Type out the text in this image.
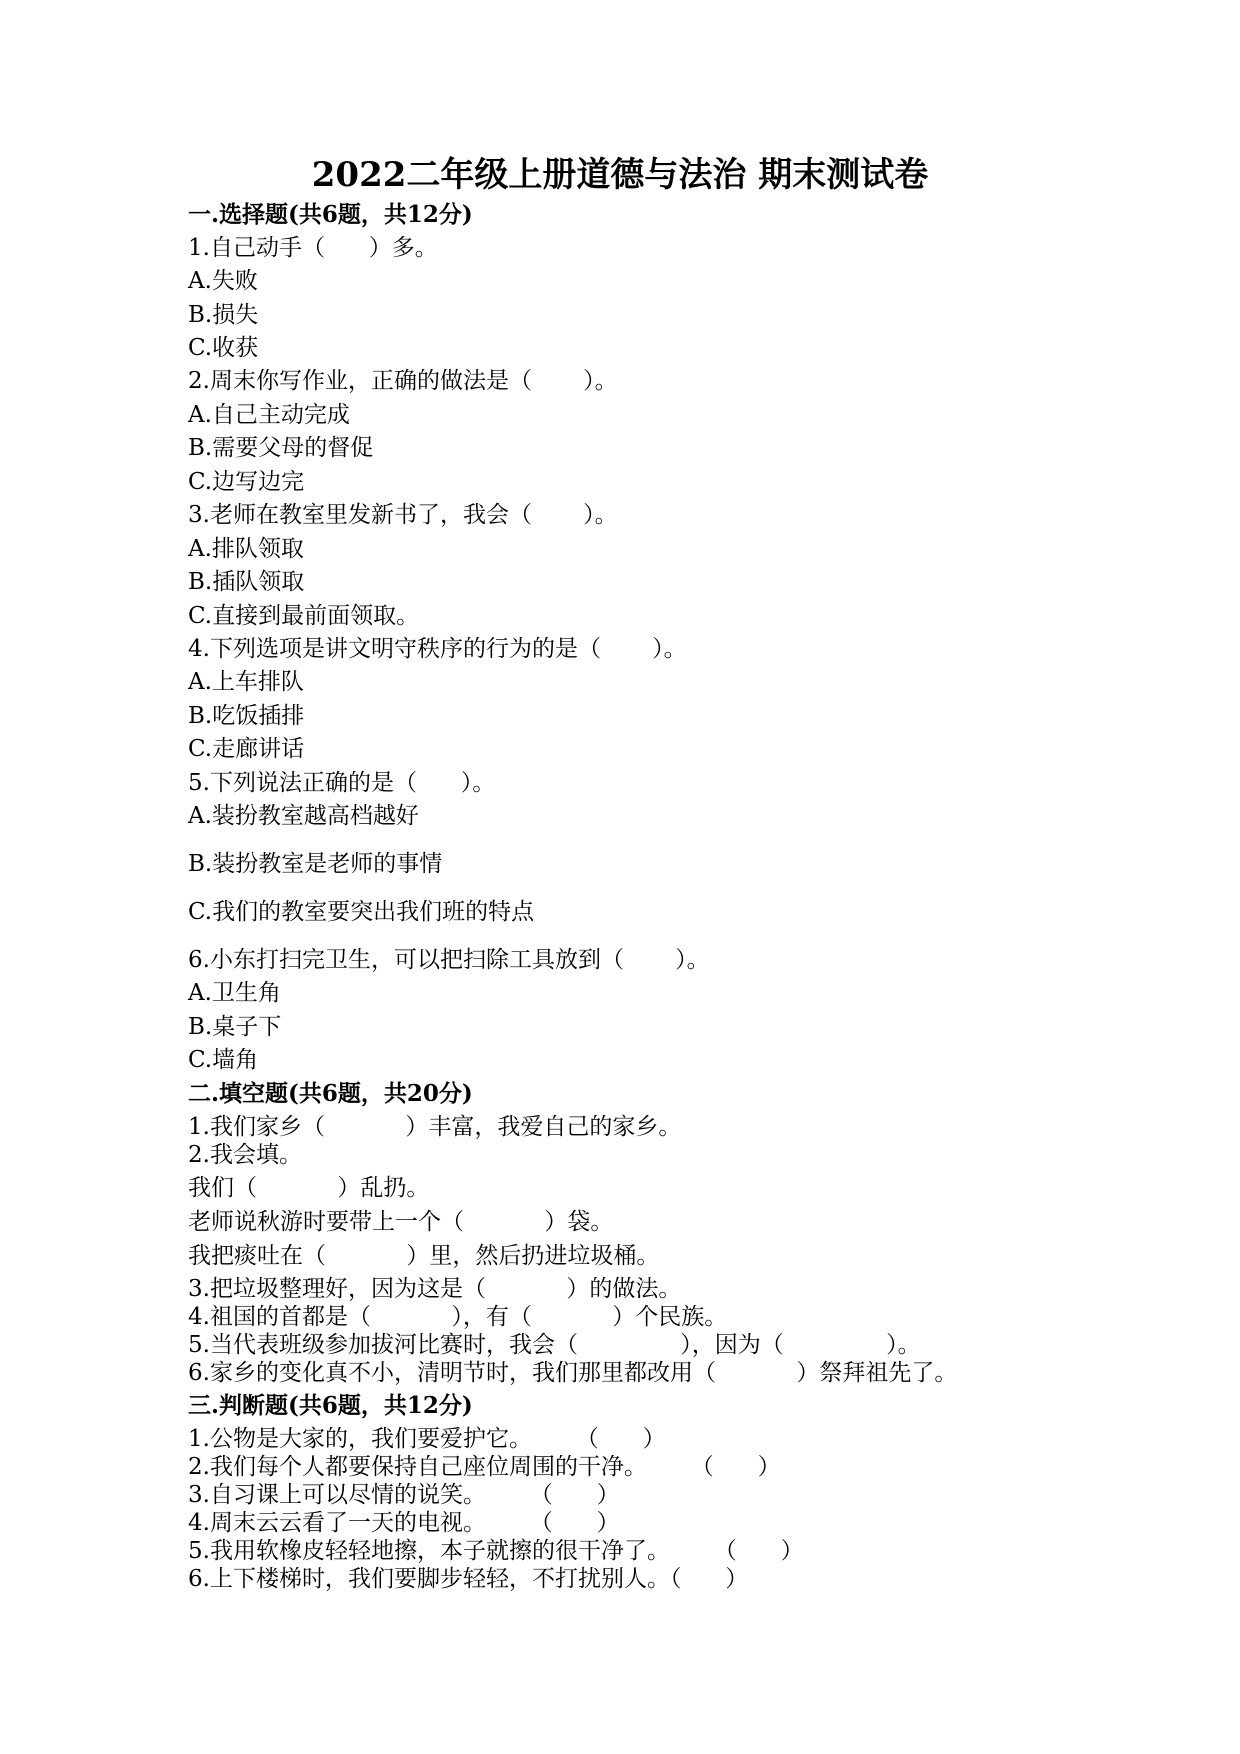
2022二年级上册道德与法治 期末测试卷
一.选择题(共6题，共12分)
1.自己动手（      ）多。
A.失败
B.损失
C.收获
2.周末你写作业，正确的做法是（       ）。
A.自己主动完成
B.需要父母的督促
C.边写边完
3.老师在教室里发新书了，我会（       ）。
A.排队领取
B.插队领取
C.直接到最前面领取。
4.下列选项是讲文明守秩序的行为的是（       ）。
A.上车排队
B.吃饭插排
C.走廊讲话
5.下列说法正确的是（      ）。
A.装扮教室越高档越好
B.装扮教室是老师的事情
C.我们的教室要突出我们班的特点
6.小东打扫完卫生，可以把扫除工具放到（       ）。
A.卫生角
B.桌子下
C.墙角
二.填空题(共6题，共20分)
1.我们家乡（           ）丰富，我爱自己的家乡。
2.我会填。
我们（           ）乱扔。
老师说秋游时要带上一个（           ）袋。
我把痰吐在（           ）里，然后扔进垃圾桶。
3.把垃圾整理好，因为这是（           ）的做法。
4.祖国的首都是（           ），有（           ）个民族。
5.当代表班级参加拔河比赛时，我会（              ），因为（              ）。
6.家乡的变化真不小，清明节时，我们那里都改用（           ）祭拜祖先了。
三.判断题(共6题，共12分)
1.公物是大家的，我们要爱护它。      （      ）
2.我们每个人都要保持自己座位周围的干净。      （      ）
3.自习课上可以尽情的说笑。      （      ）
4.周末云云看了一天的电视。      （      ）
5.我用软橡皮轻轻地擦，本子就擦的很干净了。      （      ）
6.上下楼梯时，我们要脚步轻轻，不打扰别人。（      ）
